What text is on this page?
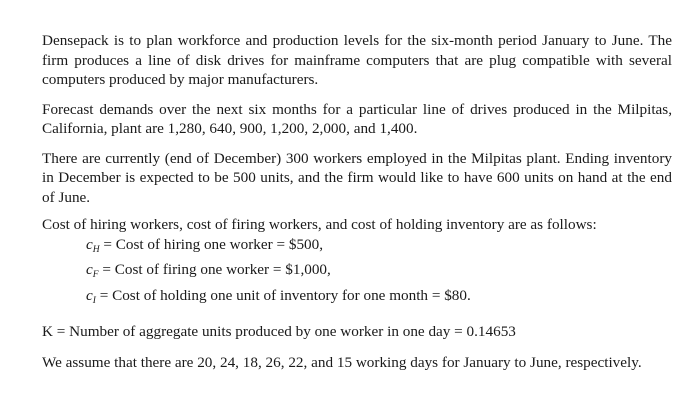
Densepack is to plan workforce and production levels for the six-month period January to June. The firm produces a line of disk drives for mainframe computers that are plug compatible with several computers produced by major manufacturers.

Forecast demands over the next six months for a particular line of drives produced in the Milpitas, California, plant are 1,280, 640, 900, 1,200, 2,000, and 1,400.

There are currently (end of December) 300 workers employed in the Milpitas plant. Ending inventory in December is expected to be 500 units, and the firm would like to have 600 units on hand at the end of June.

Cost of hiring workers, cost of firing workers, and cost of holding inventory are as follows:

$c_H$ = Cost of hiring one worker = $500,
$c_F$ = Cost of firing one worker = $1,000,
$c_I$ = Cost of holding one unit of inventory for one month = $80.

K = Number of aggregate units produced by one worker in one day = 0.14653

We assume that there are 20, 24, 18, 26, 22, and 15 working days for January to June, respectively.
